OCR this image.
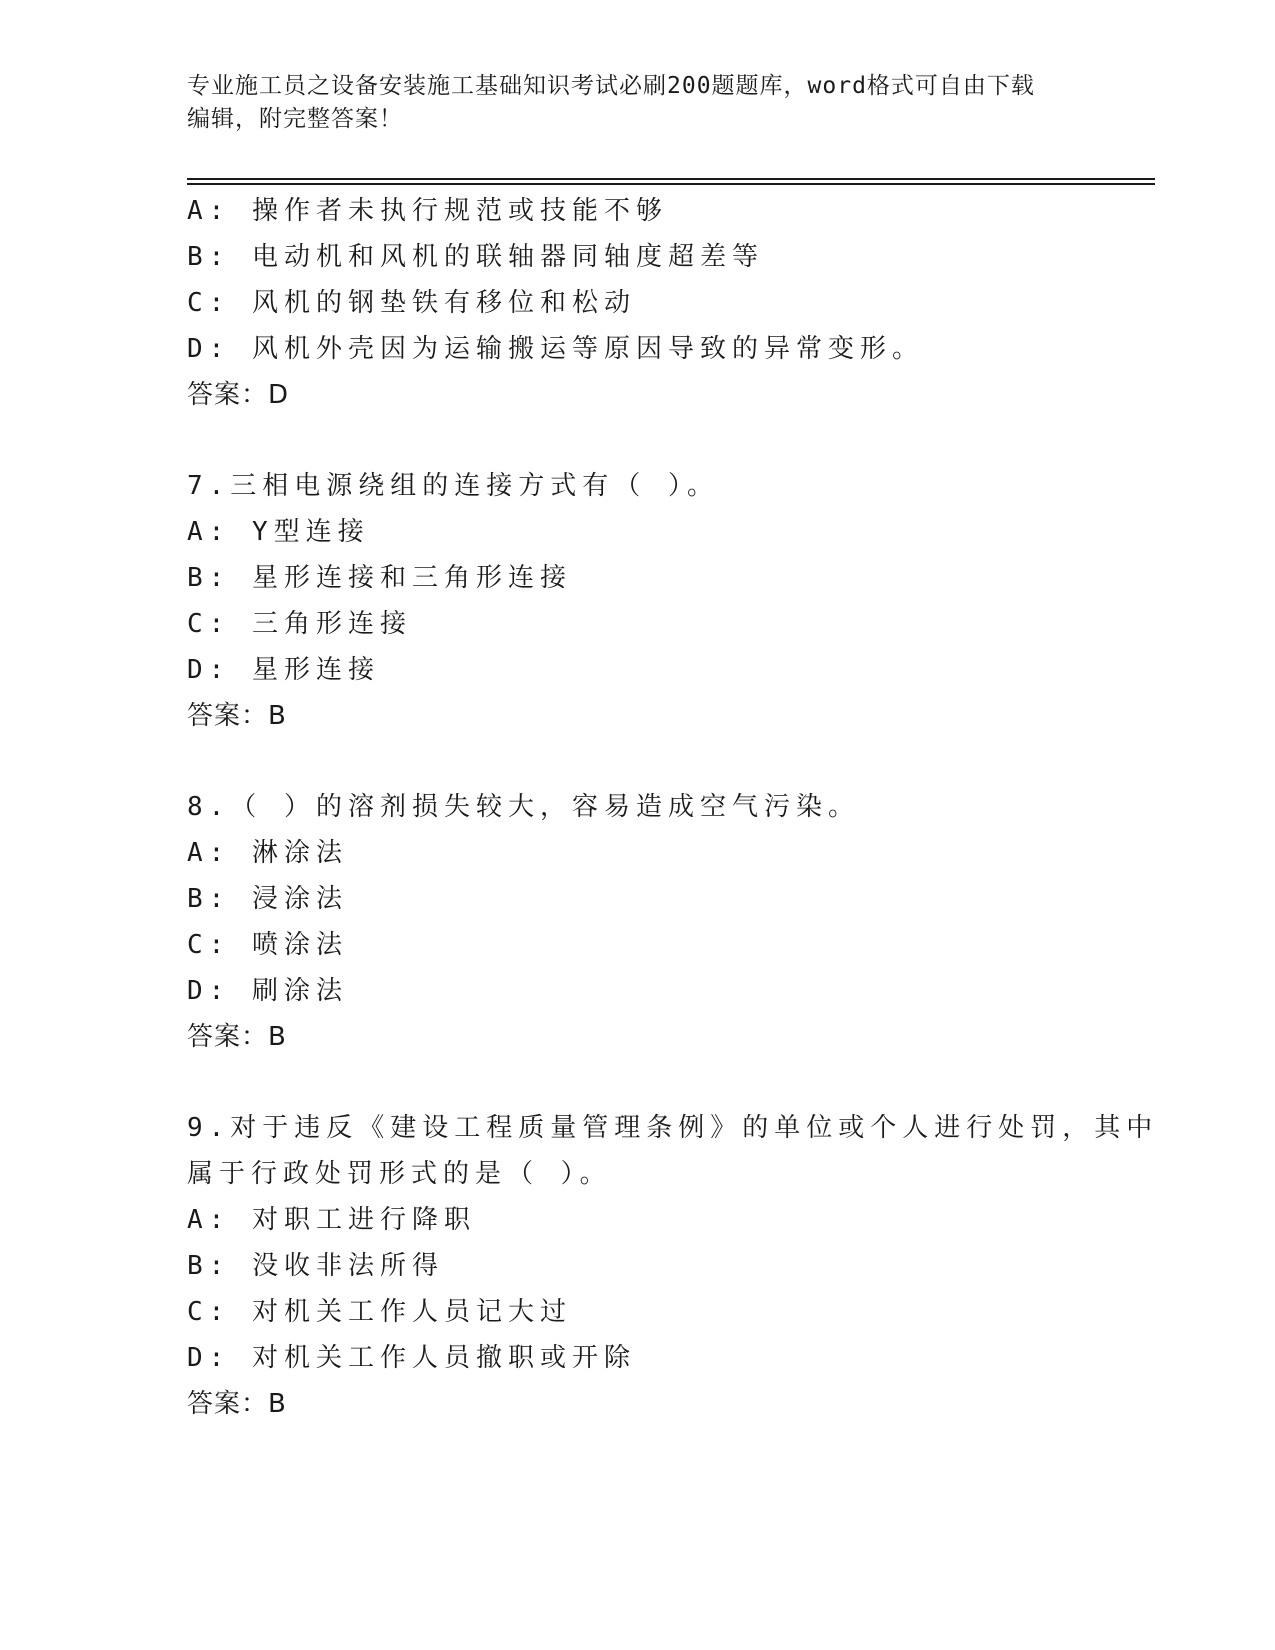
专业施工员之设备安装施工基础知识考试必刷200题题库，word格式可自由下载
编辑，附完整答案！
A: 操作者未执行规范或技能不够
B: 电动机和风机的联轴器同轴度超差等
C: 风机的钢垫铁有移位和松动
D: 风机外壳因为运输搬运等原因导致的异常变形。
答案：D
7.三相电源绕组的连接方式有（ ）。
A: Y型连接
B: 星形连接和三角形连接
C: 三角形连接
D: 星形连接
答案：B
8.（ ）的溶剂损失较大，容易造成空气污染。
A: 淋涂法
B: 浸涂法
C: 喷涂法
D: 刷涂法
答案：B
9.对于违反《建设工程质量管理条例》的单位或个人进行处罚，其中
属于行政处罚形式的是（ ）。
A: 对职工进行降职
B: 没收非法所得
C: 对机关工作人员记大过
D: 对机关工作人员撤职或开除
答案：B
